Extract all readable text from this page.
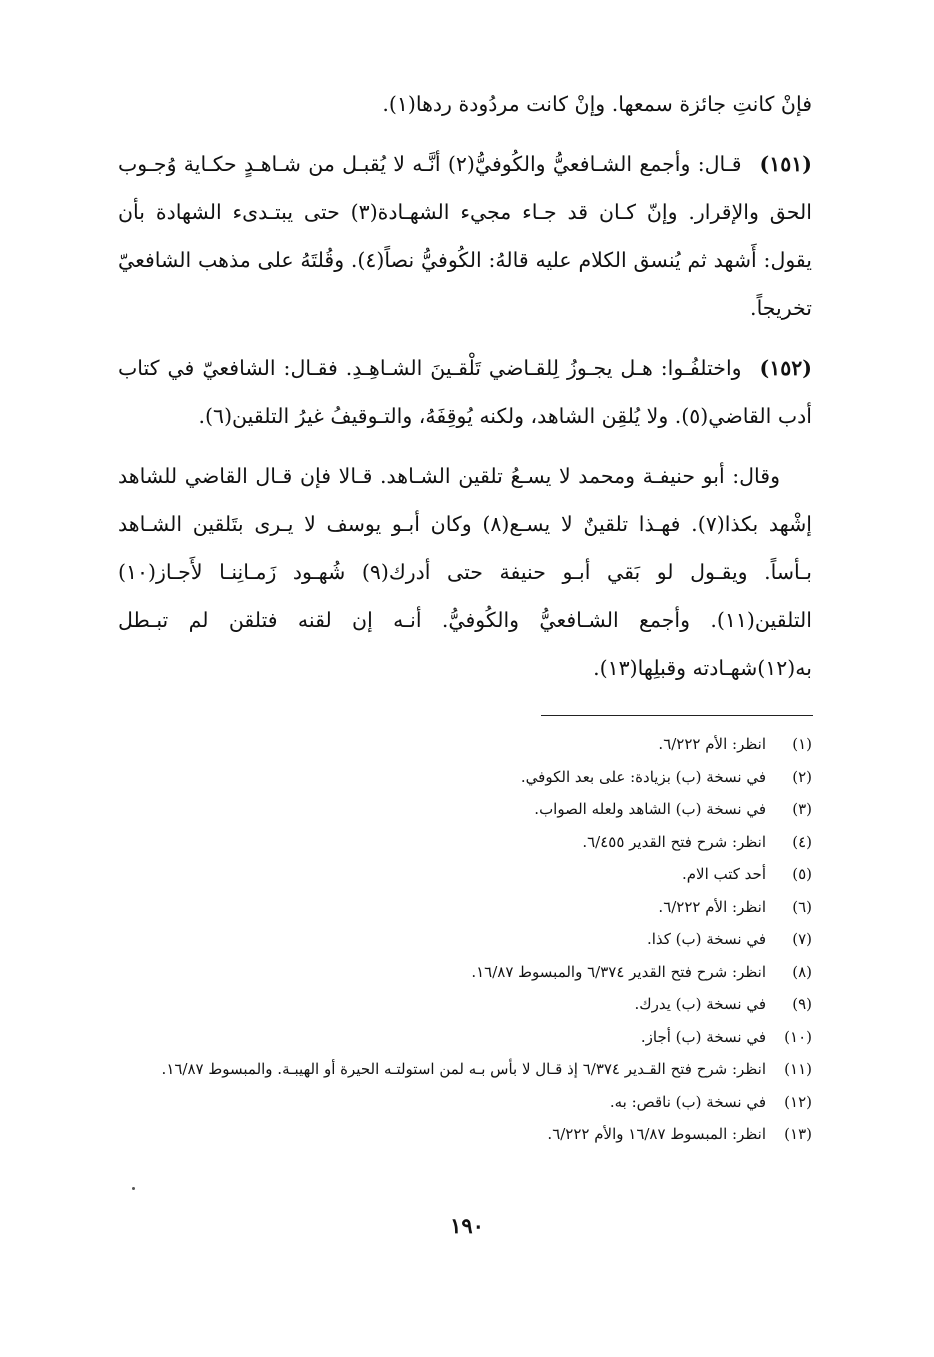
فإنْ كانتِ جائزة سمعها. وإنْ كانت مردُودة ردها(١).

(١٥١)قـال: وأجمع الشـافعيُّ والكُوفيُّ(٢) أنَّـه لا يُقبـل من شـاهـدٍ حكـاية وُجـوب الحق والإقرار. وإنّ كـان قد جـاء مجيء الشهـادة(٣) حتى يبتـدىء الشهادة بأن يقول: أَشهد ثم يُنسق الكلام عليه قالهُ: الكُوفيُّ نصاً(٤). وقُلتَهُ على مذهب الشافعيّ تخريجاً.

(١٥٢)واختلفُـوا: هـل يجـوزُ لِلقـاضي تَلْقـينَ الشـاهِـدِ. فقـال: الشافعيّ في كتاب أدب القاضي(٥). ولا يُلقِن الشاهد، ولكنه يُوقِفَهُ، والتـوقيفُ غيرُ التلقين(٦).

وقال: أبو حنيفـة ومحمد لا يسـعُ تلقين الشـاهد. قـالا فإن قـال القاضي للشاهد إشْهد بكذا(٧). فهـذا تلقينٌ لا يسـع(٨) وكان أبـو يوسف لا يـرى بتَلقين الشـاهد بـأساً. ويقـول لو بَقي أبـو حنيفة حتى أدرك(٩) شُهـود زَمـانِنـا لأَجـاز(١٠) التلقين(١١). وأجمع الشـافعيُّ والكُوفيُّ. أنـه إن لقنه فتلقن لم تبـطل به(١٢)شهـادته وقبلِها(١٣).

(١)
انظر: الأم ٦/٢٢٢.
(٢)
في نسخة (ب) بزيادة: على بعد الكوفي.
(٣)
في نسخة (ب) الشاهد ولعله الصواب.
(٤)
انظر: شرح فتح القدير ٦/٤٥٥.
(٥)
أحد كتب الام.
(٦)
انظر: الأم ٦/٢٢٢.
(٧)
في نسخة (ب) كذا.
(٨)
انظر: شرح فتح القدير ٦/٣٧٤ والمبسوط ١٦/٨٧.
(٩)
في نسخة (ب) يدرك.
(١٠)
في نسخة (ب) أجاز.
(١١)
انظر: شرح فتح القـدير ٦/٣٧٤ إذ قـال لا بأس بـه لمن استولتـه الحيرة أو الهيبـة. والمبسوط ١٦/٨٧.
(١٢)
في نسخة (ب) ناقص: به.
(١٣)
انظر: المبسوط ١٦/٨٧ والأم ٦/٢٢٢.
١٩٠
